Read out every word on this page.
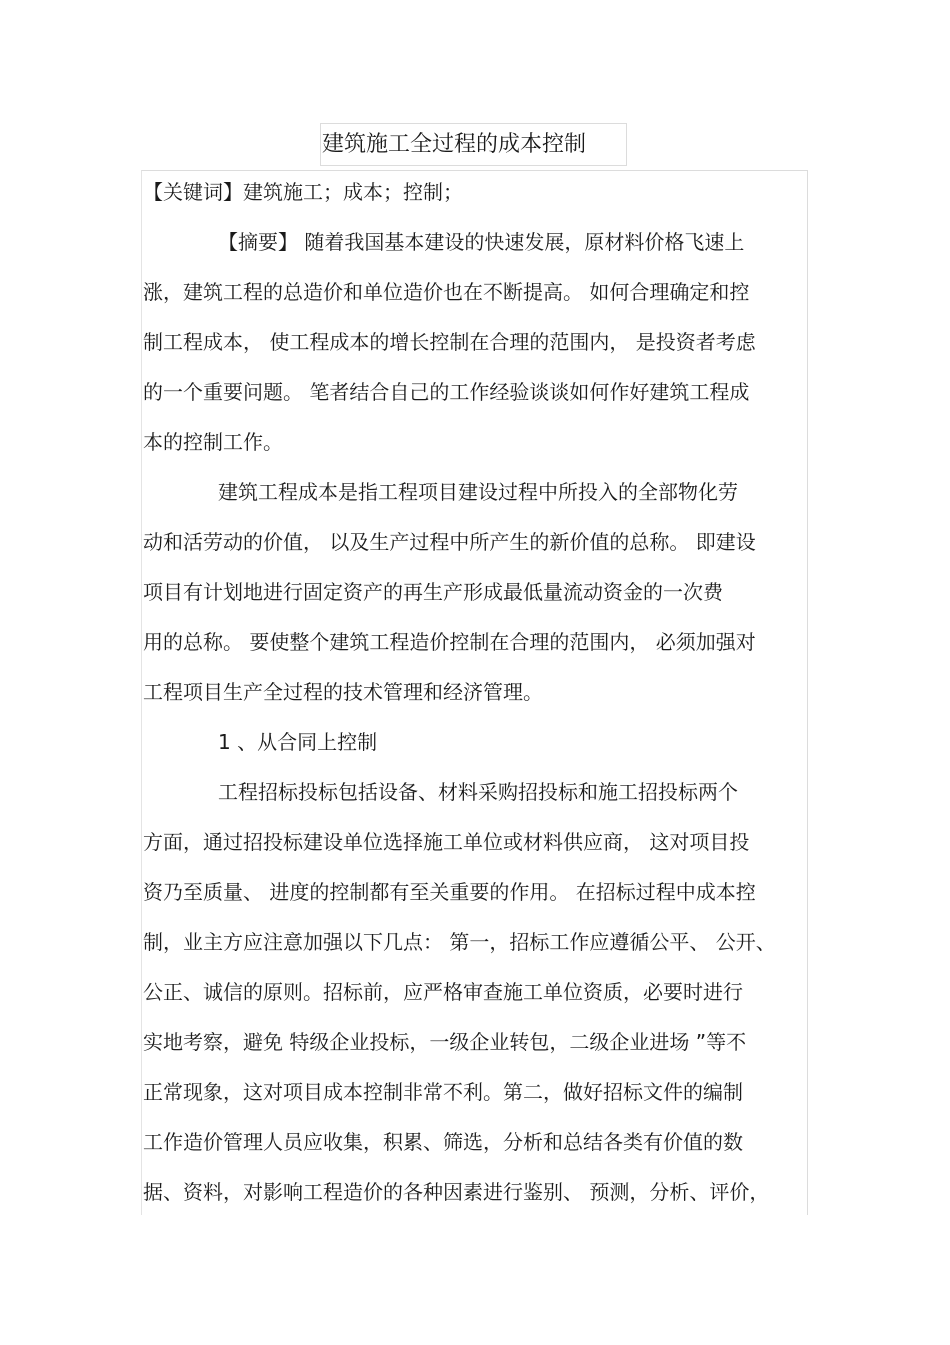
建筑施工全过程的成本控制

【关键词】建筑施工；成本；控制；

【摘要】 随着我国基本建设的快速发展，原材料价格飞速上

涨，建筑工程的总造价和单位造价也在不断提高。 如何合理确定和控

制工程成本， 使工程成本的增长控制在合理的范围内， 是投资者考虑

的一个重要问题。 笔者结合自己的工作经验谈谈如何作好建筑工程成

本的控制工作。

建筑工程成本是指工程项目建设过程中所投入的全部物化劳

动和活劳动的价值， 以及生产过程中所产生的新价值的总称。 即建设

项目有计划地进行固定资产的再生产形成最低量流动资金的一次费

用的总称。 要使整个建筑工程造价控制在合理的范围内， 必须加强对

工程项目生产全过程的技术管理和经济管理。

1 、从合同上控制

工程招标投标包括设备、材料采购招投标和施工招投标两个

方面，通过招投标建设单位选择施工单位或材料供应商， 这对项目投

资乃至质量、 进度的控制都有至关重要的作用。 在招标过程中成本控

制，业主方应注意加强以下几点： 第一，招标工作应遵循公平、 公开、

公正、诚信的原则。招标前，应严格审查施工单位资质，必要时进行

实地考察，避免 特级企业投标，一级企业转包，二级企业进场 ”等不

正常现象，这对项目成本控制非常不利。第二，做好招标文件的编制

工作造价管理人员应收集，积累、筛选，分析和总结各类有价值的数

据、资料，对影响工程造价的各种因素进行鉴别、 预测，分析、评价，
